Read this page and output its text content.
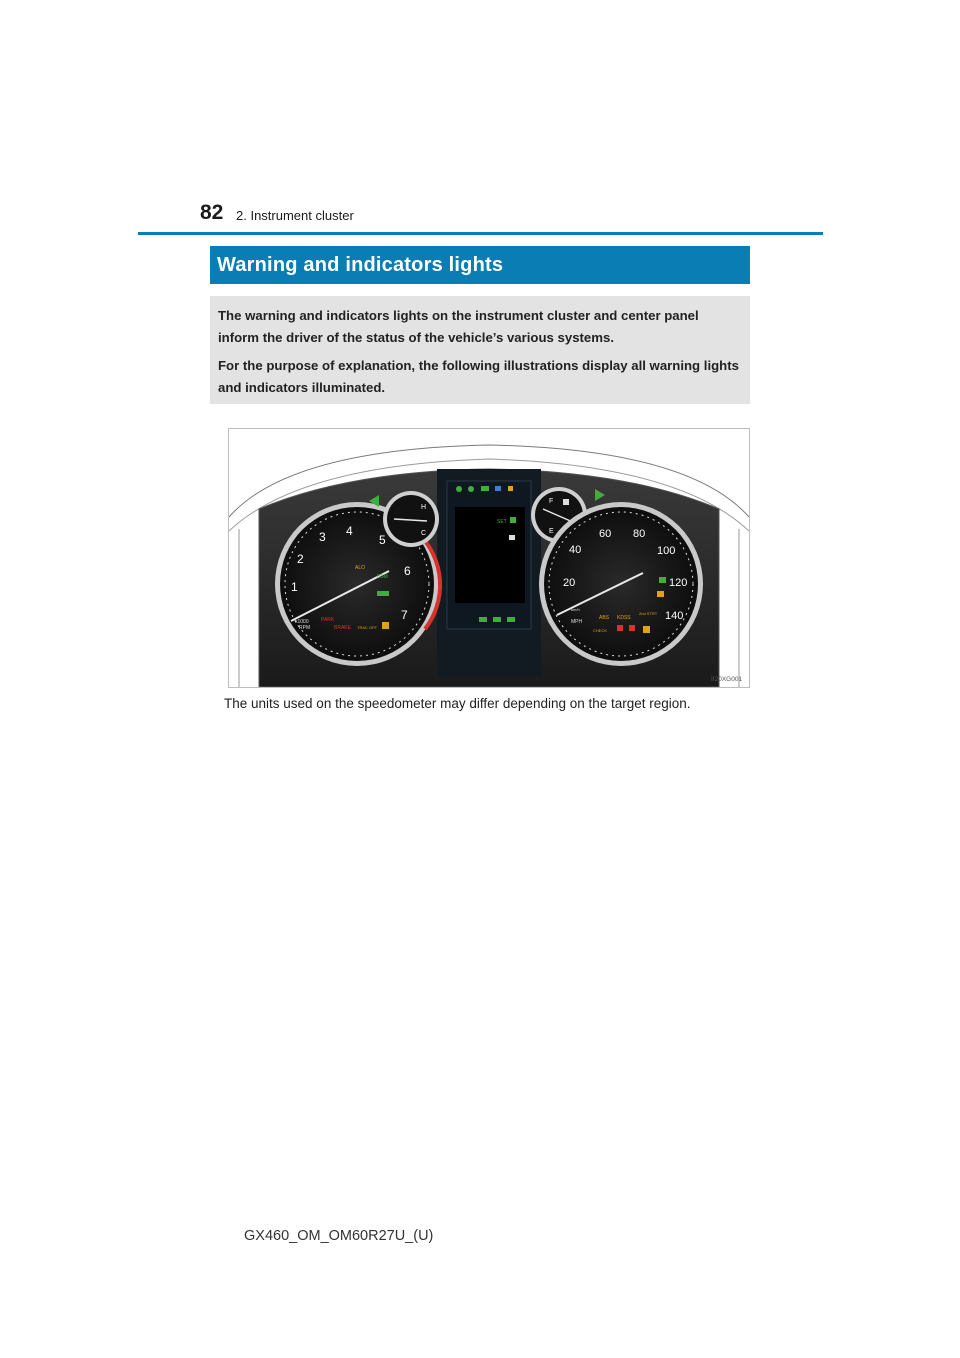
82 2. Instrument cluster
Warning and indicators lights

The warning and indicators lights on the instrument cluster and center panel inform the driver of the status of the vehicle’s various systems.

For the purpose of explanation, the following illustrations display all warning lights and indicators illuminated.

1
2
3 4
5
6
7
x1000
RPM
ALO
BSM
PARK
BRAKE TRAC OFF
H
C
SET
F
E
20
40
60 80
100
120
140
km/h
MPH
ABS KDSS
2nd STRT
CHECK
II20XG001
The units used on the speedometer may differ depending on the target region.
GX460_OM_OM60R27U_(U)
